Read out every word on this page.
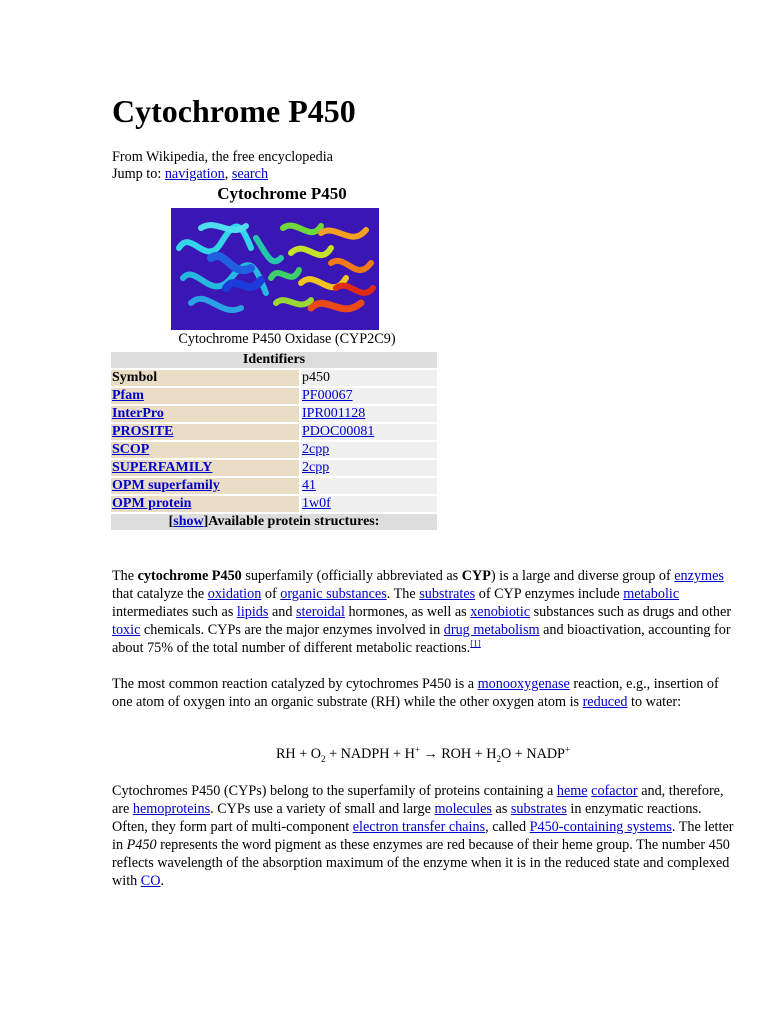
Cytochrome P450
From Wikipedia, the free encyclopedia
Jump to: navigation, search
Cytochrome P450
Cytochrome P450 Oxidase (CYP2C9)
Identifiers	
Symbol	p450
Pfam	PF00067
InterPro	IPR001128
PROSITE	PDOC00081
SCOP	2cpp
SUPERFAMILY	2cpp
OPM superfamily	41
OPM protein	1w0f
[show]Available protein structures:	
The cytochrome P450 superfamily (officially abbreviated as CYP) is a large and diverse group of enzymes that catalyze the oxidation of organic substances. The substrates of CYP enzymes include metabolic intermediates such as lipids and steroidal hormones, as well as xenobiotic substances such as drugs and other toxic chemicals. CYPs are the major enzymes involved in drug metabolism and bioactivation, accounting for about 75% of the total number of different metabolic reactions.[1]
The most common reaction catalyzed by cytochromes P450 is a monooxygenase reaction, e.g., insertion of one atom of oxygen into an organic substrate (RH) while the other oxygen atom is reduced to water:
RH + $O_2$ + NADPH + H+ → ROH + $H_2O$ + NADP+
Cytochromes P450 (CYPs) belong to the superfamily of proteins containing a heme cofactor and, therefore, are hemoproteins. CYPs use a variety of small and large molecules as substrates in enzymatic reactions. Often, they form part of multi-component electron transfer chains, called P450-containing systems. The letter in P450 represents the word pigment as these enzymes are red because of their heme group. The number 450 reflects wavelength of the absorption maximum of the enzyme when it is in the reduced state and complexed with CO.
